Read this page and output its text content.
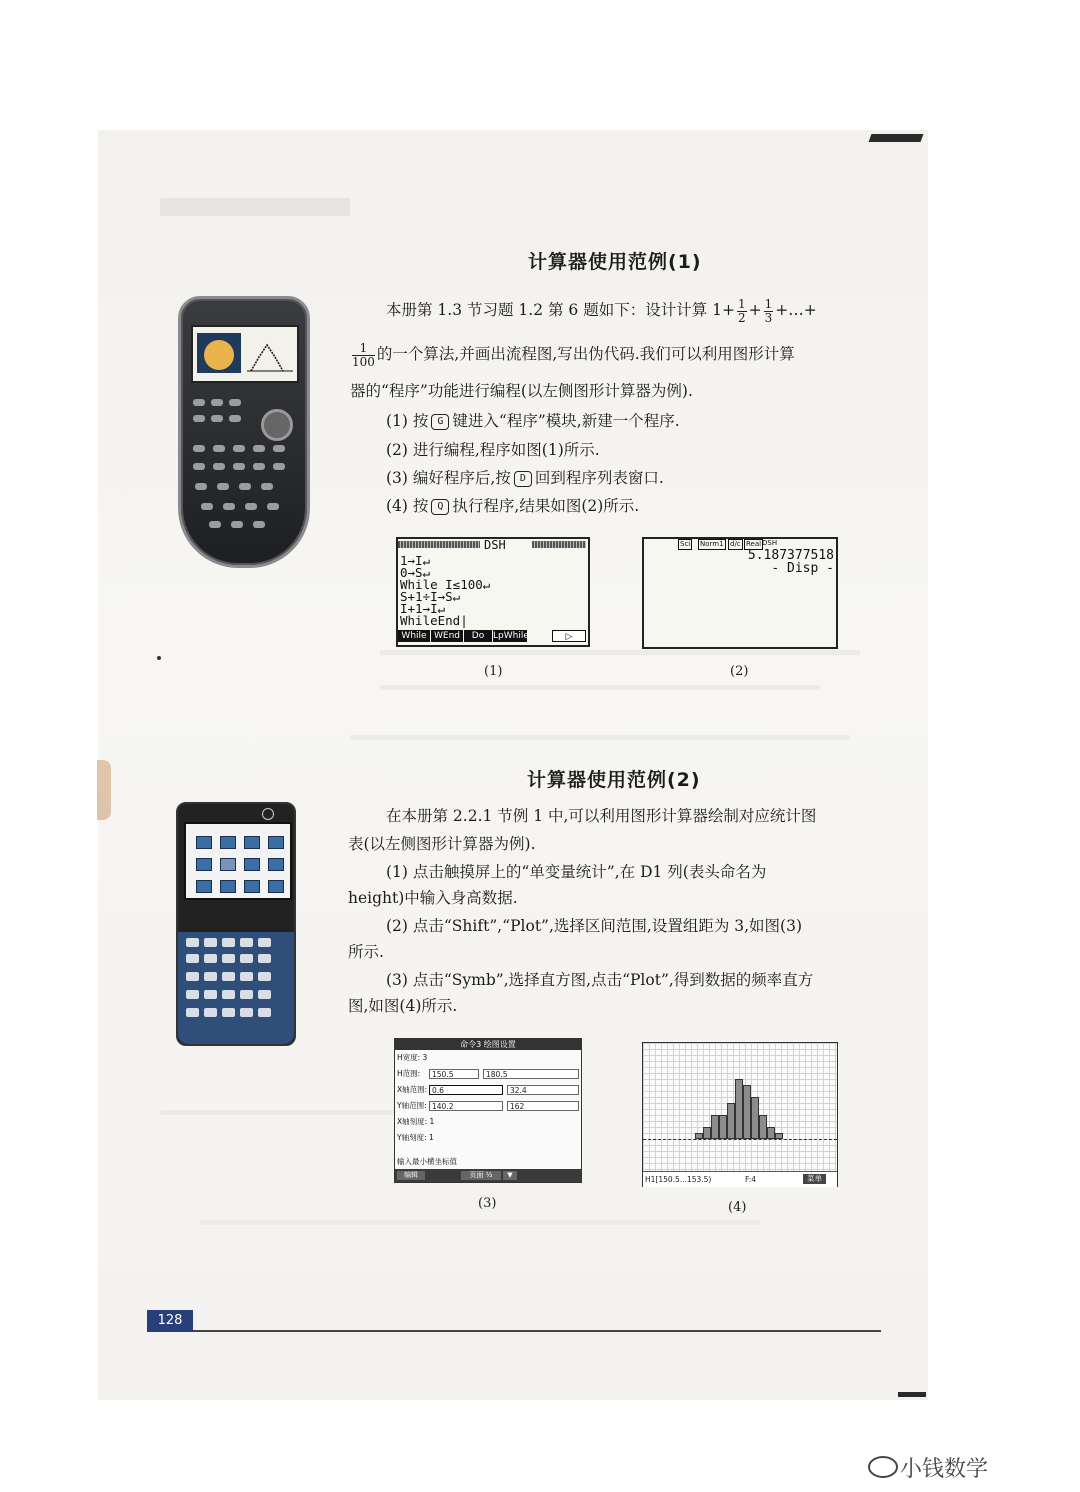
计算器使用范例(1)
本册第 1.3 节习题 1.2 第 6 题如下：设计计算 $1+ \frac{1}{2} + \frac{1}{3}$ +…+
$\frac{1}{100}$ 的一个算法,并画出流程图,写出伪代码.我们可以利用图形计算
器的“程序”功能进行编程(以左侧图形计算器为例).
(1) 按 G 键进入“程序”模块,新建一个程序.
(2) 进行编程,程序如图(1)所示.
(3) 编好程序后,按 D 回到程序列表窗口.
(4) 按 Q 执行程序,结果如图(2)所示.
DSH
1→I↵
0→S↵
While I≤100↵
S+1÷I→S↵
I+1→I↵
WhileEnd|
While WEnd	Do LpWhile	▷
(1)
Sci Norm1 d/c Real DSH
5.187377518
- Disp -
(2)
计算器使用范例(2)
在本册第 2.2.1 节例 1 中,可以利用图形计算器绘制对应统计图
表(以左侧图形计算器为例).
(1) 点击触摸屏上的“单变量统计”,在 D1 列(表头命名为
height)中输入身高数据.
(2) 点击“Shift”,“Plot”,选择区间范围,设置组距为 3,如图(3)
所示.
(3) 点击“Symb”,选择直方图,点击“Plot”,得到数据的频率直方
图,如图(4)所示.
命令3 绘图设置
H宽度: 3
H范围:	150.5	180.5
X轴范围: 0.6	32.4
Y轴范围: 140.2	162
X轴刻度: 1
Y轴刻度: 1
输入最小横坐标值
编辑	页面 ½	▼
(3)
H1[150.5...153.5)	F:4	菜单
(4)
128
小钱数学
